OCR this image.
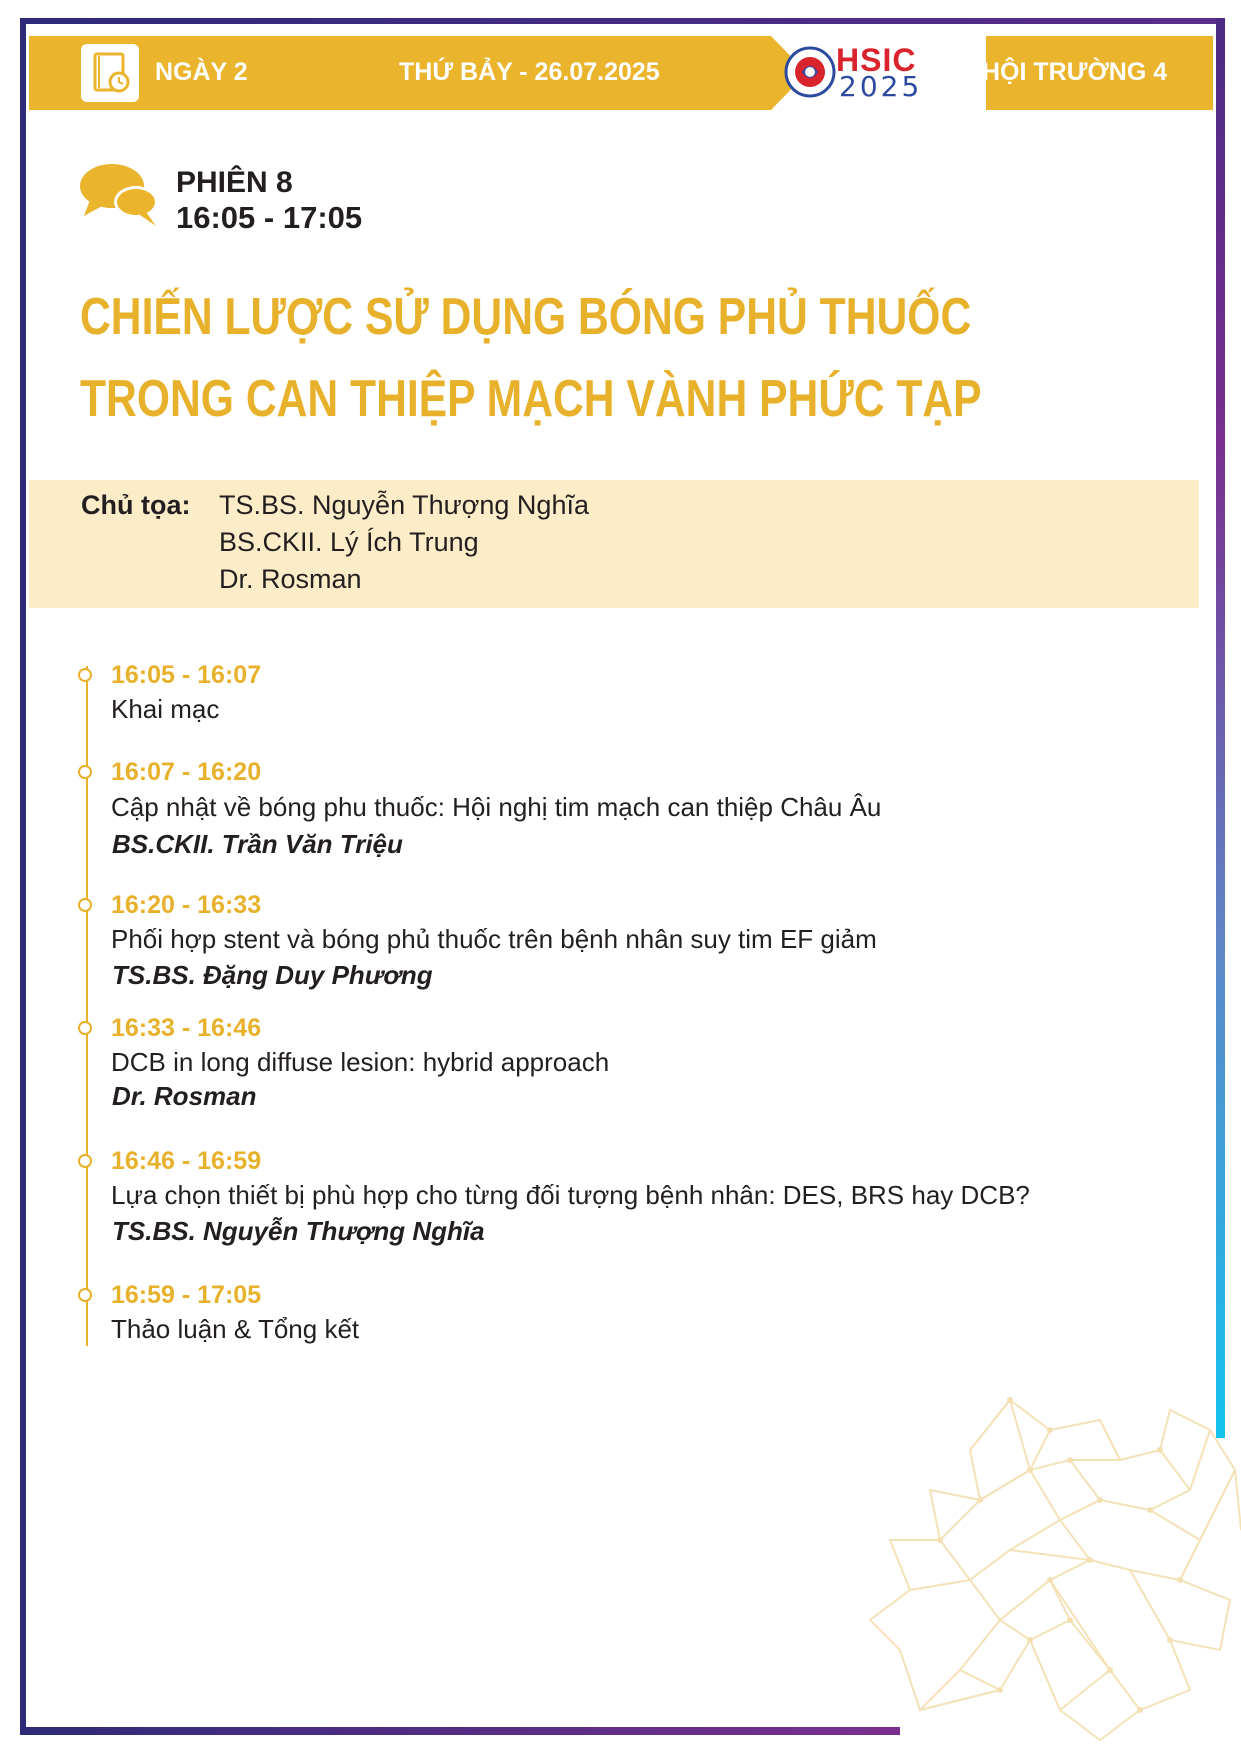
NGÀY 2	THỨ BẢY - 26.07.2025	HỘI TRƯỜNG 4
HSIC
2025
PHIÊN 8
16:05 - 17:05
CHIẾN LƯỢC SỬ DỤNG BÓNG PHỦ THUỐC
TRONG CAN THIỆP MẠCH VÀNH PHỨC TẠP
Chủ tọa: TS.BS. Nguyễn Thượng Nghĩa
BS.CKII. Lý Ích Trung
Dr. Rosman
16:05 - 16:07
Khai mạc
16:07 - 16:20
Cập nhật về bóng phu thuốc: Hội nghị tim mạch can thiệp Châu Âu
BS.CKII. Trần Văn Triệu
16:20 - 16:33
Phối hợp stent và bóng phủ thuốc trên bệnh nhân suy tim EF giảm
TS.BS. Đặng Duy Phương
16:33 - 16:46
DCB in long diffuse lesion: hybrid approach
Dr. Rosman
16:46 - 16:59
Lựa chọn thiết bị phù hợp cho từng đối tượng bệnh nhân: DES, BRS hay DCB?
TS.BS. Nguyễn Thượng Nghĩa
16:59 - 17:05
Thảo luận & Tổng kết
